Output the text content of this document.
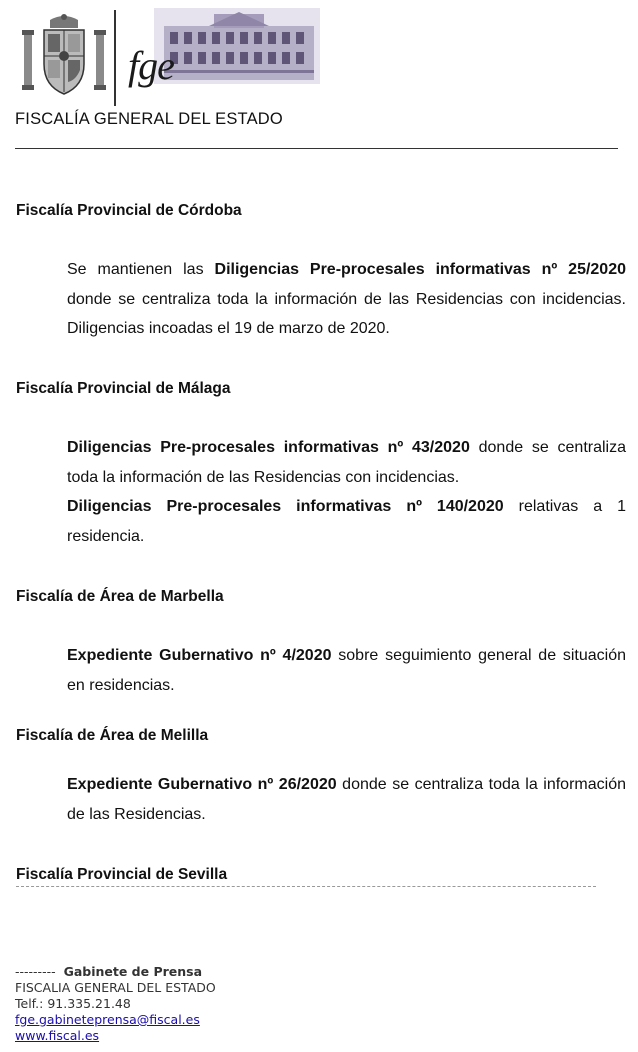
fge
FISCALÍA GENERAL DEL ESTADO
Fiscalía Provincial de Córdoba
Se mantienen las Diligencias Pre-procesales informativas nº 25/2020 donde se centraliza toda la información de las Residencias con incidencias. Diligencias incoadas el 19 de marzo de 2020.
Fiscalía Provincial de Málaga
Diligencias Pre-procesales informativas nº 43/2020 donde se centraliza toda la información de las Residencias con incidencias.
Diligencias Pre-procesales informativas nº 140/2020 relativas a 1 residencia.
Fiscalía de Área de Marbella
Expediente Gubernativo nº 4/2020 sobre seguimiento general de situación en residencias.
Fiscalía de Área de Melilla
Expediente Gubernativo nº 26/2020 donde se centraliza toda la información de las Residencias.
Fiscalía Provincial de Sevilla
--------- Gabinete de Prensa
FISCALIA GENERAL DEL ESTADO
Telf.: 91.335.21.48
fge.gabineteprensa@fiscal.es
www.fiscal.es
